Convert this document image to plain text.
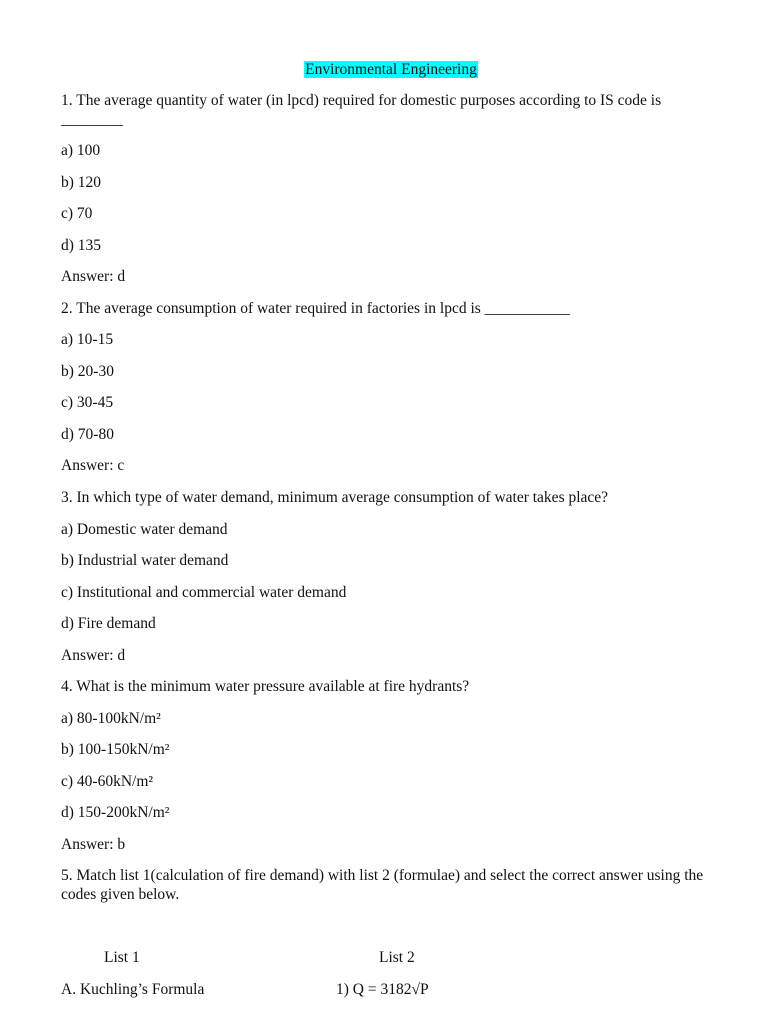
Environmental Engineering
1. The average quantity of water (in lpcd) required for domestic purposes according to IS code is
________
a) 100
b) 120
c) 70
d) 135
Answer: d
2. The average consumption of water required in factories in lpcd is ___________
a) 10-15
b) 20-30
c) 30-45
d) 70-80
Answer: c
3. In which type of water demand, minimum average consumption of water takes place?
a) Domestic water demand
b) Industrial water demand
c) Institutional and commercial water demand
d) Fire demand
Answer: d
4. What is the minimum water pressure available at fire hydrants?
a) 80-100kN/m²
b) 100-150kN/m²
c) 40-60kN/m²
d) 150-200kN/m²
Answer: b
5. Match list 1(calculation of fire demand) with list 2 (formulae) and select the correct answer using the codes given below.
List 1	List 2
A. Kuchling’s Formula	1) Q = 3182√P
